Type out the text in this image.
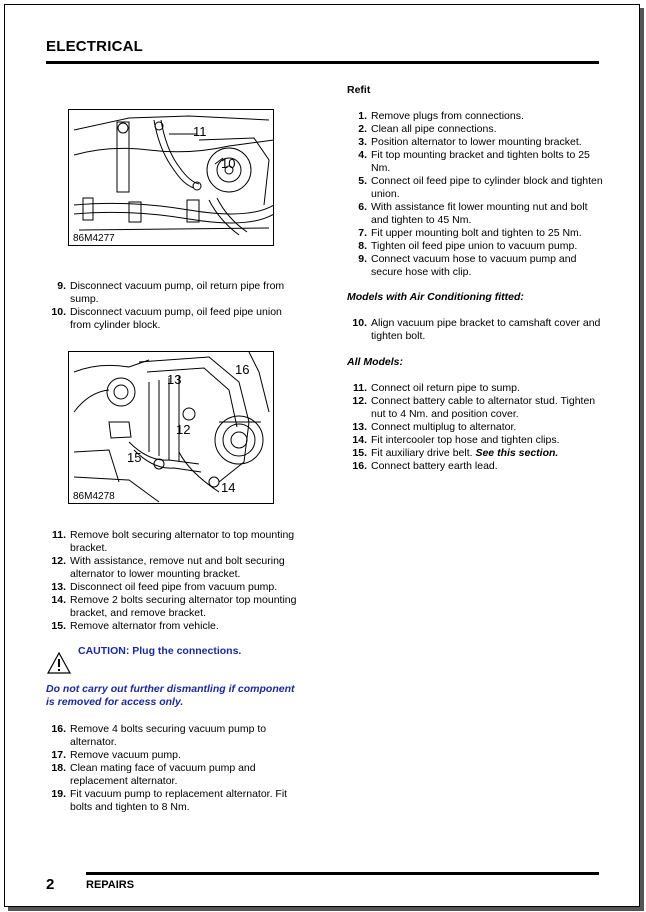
ELECTRICAL
11
10
86M4277
9. Disconnect vacuum pump, oil return pipe from sump.
10. Disconnect vacuum pump, oil feed pipe union from cylinder block.
16
13
12
15
14
86M4278
11. Remove bolt securing alternator to top mounting bracket.
12. With assistance, remove nut and bolt securing alternator to lower mounting bracket.
13. Disconnect oil feed pipe from vacuum pump.
14. Remove 2 bolts securing alternator top mounting bracket, and remove bracket.
15. Remove alternator from vehicle.
CAUTION: Plug the connections.
Do not carry out further dismantling if component is removed for access only.
16. Remove 4 bolts securing vacuum pump to alternator.
17. Remove vacuum pump.
18. Clean mating face of vacuum pump and replacement alternator.
19. Fit vacuum pump to replacement alternator. Fit bolts and tighten to 8 Nm.
Refit
1. Remove plugs from connections.
2. Clean all pipe connections.
3. Position alternator to lower mounting bracket.
4. Fit top mounting bracket and tighten bolts to 25 Nm.
5. Connect oil feed pipe to cylinder block and tighten union.
6. With assistance fit lower mounting nut and bolt and tighten to 45 Nm.
7. Fit upper mounting bolt and tighten to 25 Nm.
8. Tighten oil feed pipe union to vacuum pump.
9. Connect vacuum hose to vacuum pump and secure hose with clip.
Models with Air Conditioning fitted:
10. Align vacuum pipe bracket to camshaft cover and tighten bolt.
All Models:
11. Connect oil return pipe to sump.
12. Connect battery cable to alternator stud. Tighten nut to 4 Nm. and position cover.
13. Connect multiplug to alternator.
14. Fit intercooler top hose and tighten clips.
15. Fit auxiliary drive belt. See this section.
16. Connect battery earth lead.
2	REPAIRS
